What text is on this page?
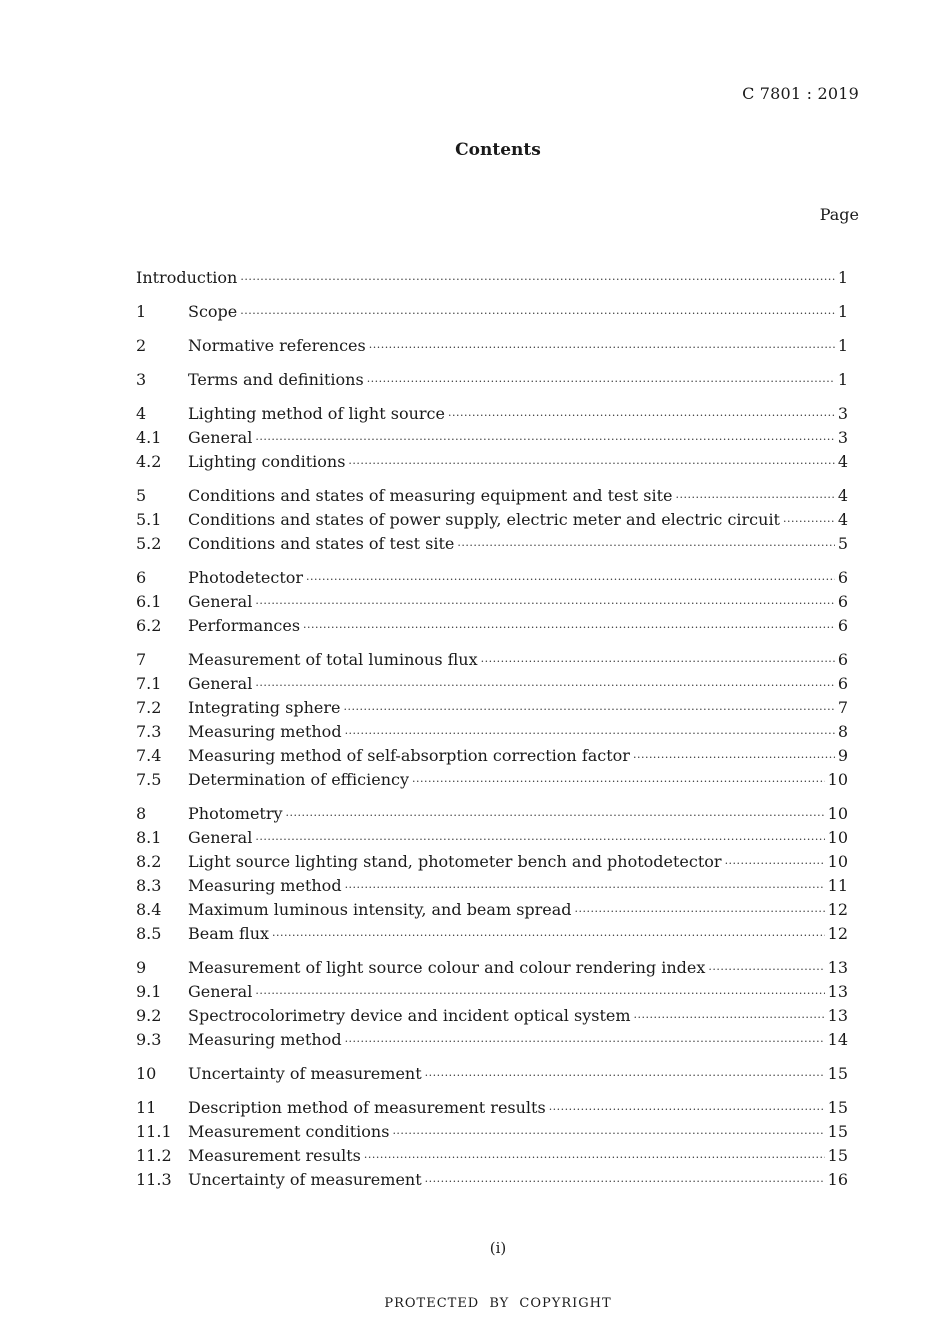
C 7801 : 2019
Contents
Page
Introduction ·····	1
1	Scope ·····	1
2	Normative references ·····	1
3	Terms and definitions ·····	1
4	Lighting method of light source ·····	3
4.1	General ·····	3
4.2	Lighting conditions ·····	4
5	Conditions and states of measuring equipment and test site ·····	4
5.1	Conditions and states of power supply, electric meter and electric circuit ·····	4
5.2	Conditions and states of test site ·····	5
6	Photodetector ·····	6
6.1	General ·····	6
6.2	Performances ·····	6
7	Measurement of total luminous flux ·····	6
7.1	General ·····	6
7.2	Integrating sphere ·····	7
7.3	Measuring method ·····	8
7.4	Measuring method of self-absorption correction factor ·····	9
7.5	Determination of efficiency ·····	10
8	Photometry ·····	10
8.1	General ·····	10
8.2	Light source lighting stand, photometer bench and photodetector ·····	10
8.3	Measuring method ·····	11
8.4	Maximum luminous intensity, and beam spread ·····	12
8.5	Beam flux ·····	12
9	Measurement of light source colour and colour rendering index ·····	13
9.1	General ·····	13
9.2	Spectrocolorimetry device and incident optical system ·····	13
9.3	Measuring method ·····	14
10	Uncertainty of measurement ·····	15
11	Description method of measurement results ·····	15
11.1	Measurement conditions ·····	15
11.2	Measurement results ·····	15
11.3	Uncertainty of measurement ·····	16
(i)
PROTECTED BY COPYRIGHT
